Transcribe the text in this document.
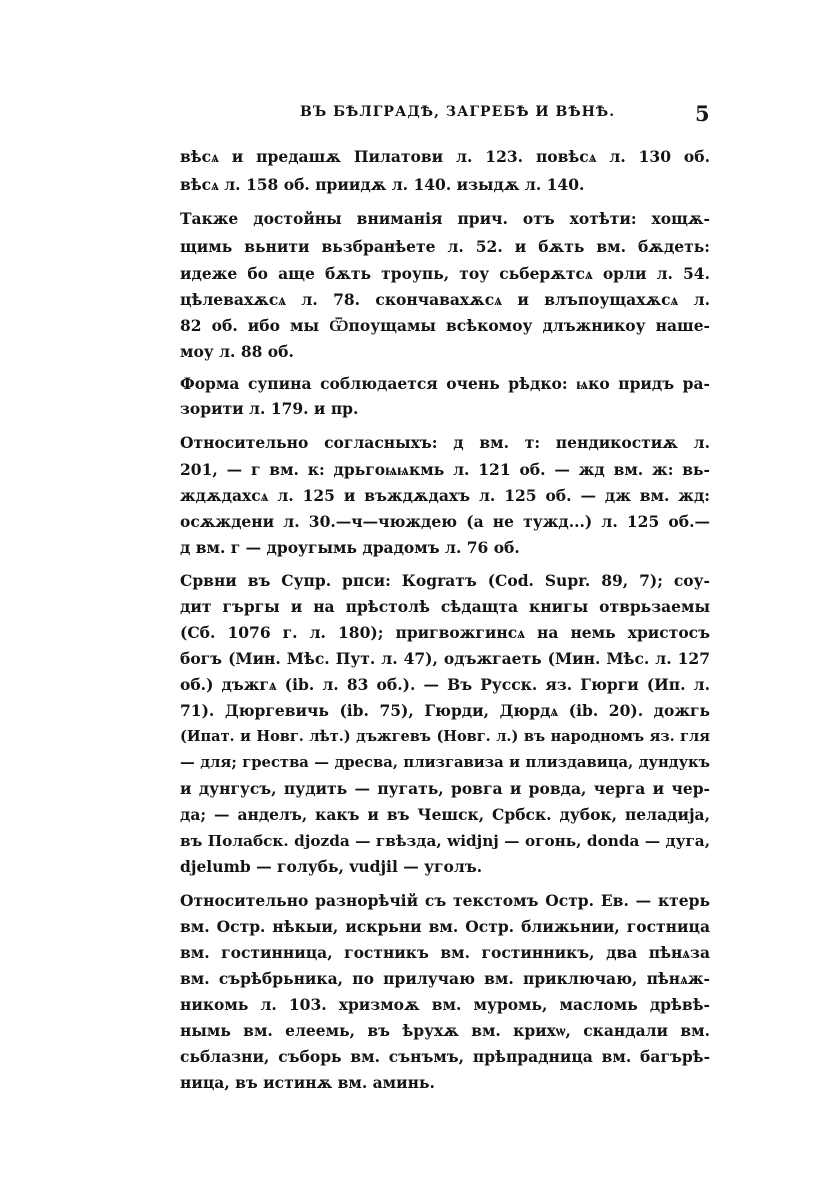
ВЪ БѢЛГРАДѢ, ЗАГРЕБѢ И ВѢНѢ.	5
вѣсѧ и предашѫ Пилатови л. 123. повѣсѧ л. 130 об.
вѣсѧ л. 158 об. приидѫ л. 140. изыдѫ л. 140.
Также достойны вниманія прич. отъ хотѣти: хощѫ-
щимь вьнити вьзбранѣете л. 52. и бѫть вм. бѫдеть:
идеже бо аще бѫть троупь, тоу сьберѫтсѧ орли л. 54.
цѣлевахѫсѧ л. 78. скончавахѫсѧ и влъпоущахѫсѧ л.
82 об. ибо мы Ѿпоущамы всѣкомоу длъжникоу наше-
моу л. 88 об.
Форма супина соблюдается очень рѣдко: ѩко придъ ра-
зорити л. 179. и пр.
Относительно согласныхъ: д вм. т: пендикостиѫ л.
201, — г вм. к: дрьгоѩѩкмь л. 121 об. — жд вм. ж: вь-
ждѫдахсѧ л. 125 и въждѫдахъ л. 125 об. — дж вм. жд:
осѫждени л. 30.—ч—чюждею (а не тужд...) л. 125 об.—
д вм. г — дроугымь драдомъ л. 76 об.
Срвни въ Супр. рпси: Кograтъ (Cod. Supr. 89, 7); соу-
дит гъргы и на прѣстолѣ сѣдащта книгы отврьзаемы
(Сб. 1076 г. л. 180); пригвожгинсѧ на немь христосъ
богъ (Мин. Мѣс. Пут. л. 47), одъжгаеть (Мин. Мѣс. л. 127
об.) дъжгѧ (ib. л. 83 об.). — Въ Русск. яз. Гюрги (Ип. л.
71). Дюргевичь (ib. 75), Гюрди, Дюрдѧ (ib. 20). дожгь
(Ипат. и Новг. лѣт.) дъжгевъ (Новг. л.) въ народномъ яз. гля
— для; грества — дресва, плизгавиза и плиздавица, дундукъ
и дунгусъ, пудить — пугать, ровга и ровда, черга и чер-
да; — анделъ, какъ и въ Чешск, Србск. дубок, пеладија,
въ Полабск. djozda — гвѣзда, widjnj — огонь, donda — дуга,
djelumb — голубь, vudjil — уголъ.
Относительно разнорѣчій съ текстомъ Остр. Ев. — ктерь
вм. Остр. нѣкыи, искрьни вм. Остр. ближьнии, гостница
вм. гостинница, гостникъ вм. гостинникъ, два пѣнѧза
вм. сърѣбрьника, по прилучаю вм. приключаю, пѣнѧж-
никомь л. 103. хризмоѫ вм. муромь, масломь дрѣвѣ-
нымь вм. елеемь, въ ѣрухѫ вм. крихѡ, скандали вм.
сьблазни, съборь вм. сънъмъ, прѣпрадница вм. багърѣ-
ница, въ истинѫ вм. аминь.
